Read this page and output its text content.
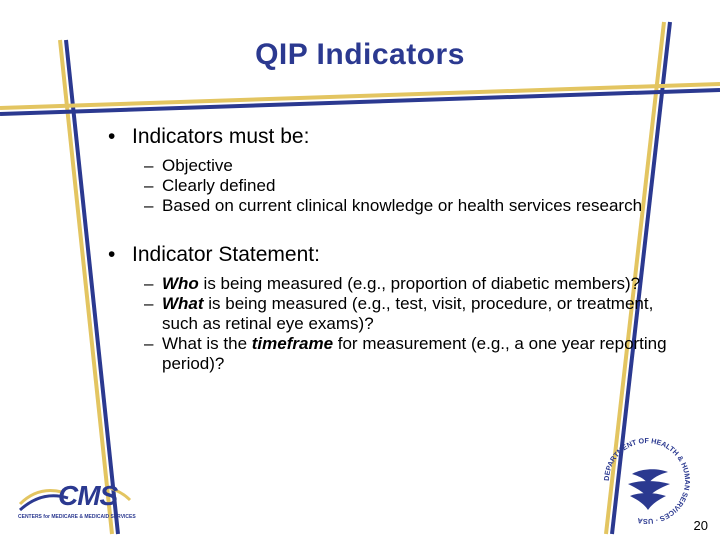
QIP Indicators
• Indicators must be:
– Objective
– Clearly defined
– Based on current clinical knowledge or health services research
• Indicator Statement:
– Who is being measured (e.g., proportion of diabetic members)?
– What is being measured (e.g., test, visit, procedure, or treatment, such as retinal eye exams)?
– What is the timeframe for measurement (e.g., a one year reporting period)?
CMS
CENTERS for MEDICARE & MEDICAID SERVICES
DEPARTMENT OF HEALTH & HUMAN SERVICES · USA	20
